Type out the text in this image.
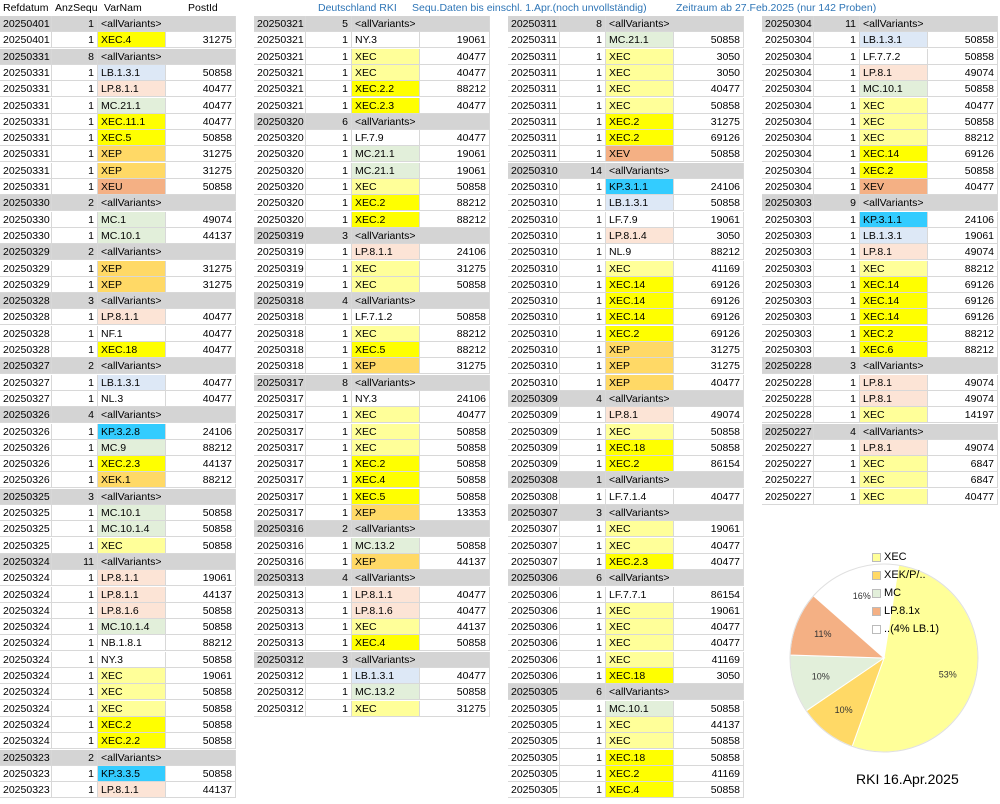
Refdatum AnzSequ VarNam	PostId	Deutschland RKI Sequ.Daten bis einschl. 1.Apr.(noch unvollständig)	Zeitraum ab 27.Feb.2025 (nur 142 Proben)
20250401	1 <allVariants>
20250401	1 XEC.4	31275
20250331	8 <allVariants>
20250331	1 LB.1.3.1	50858
20250331	1 LP.8.1.1	40477
20250331	1 MC.21.1	40477
20250331	1 XEC.11.1	40477
20250331	1 XEC.5	50858
20250331	1 XEP	31275
20250331	1 XEP	31275
20250331	1 XEU	50858
20250330	2 <allVariants>
20250330	1 MC.1	49074
20250330	1 MC.10.1	44137
20250329	2 <allVariants>
20250329	1 XEP	31275
20250329	1 XEP	31275
20250328	3 <allVariants>
20250328	1 LP.8.1.1	40477
20250328	1 NF.1	40477
20250328	1 XEC.18	40477
20250327	2 <allVariants>
20250327	1 LB.1.3.1	40477
20250327	1 NL.3	40477
20250326	4 <allVariants>
20250326	1 KP.3.2.8	24106
20250326	1 MC.9	88212
20250326	1 XEC.2.3	44137
20250326	1 XEK.1	88212
20250325	3 <allVariants>
20250325	1 MC.10.1	50858
20250325	1 MC.10.1.4	50858
20250325	1 XEC	50858
20250324	11 <allVariants>
20250324	1 LP.8.1.1	19061
20250324	1 LP.8.1.1	44137
20250324	1 LP.8.1.6	50858
20250324	1 MC.10.1.4	50858
20250324	1 NB.1.8.1	88212
20250324	1 NY.3	50858
20250324	1 XEC	19061
20250324	1 XEC	50858
20250324	1 XEC	50858
20250324	1 XEC.2	50858
20250324	1 XEC.2.2	50858
20250323	2 <allVariants>
20250323	1 KP.3.3.5	50858
20250323	1 LP.8.1.1	44137
20250321	5 <allVariants>
20250321	1 NY.3	19061
20250321	1 XEC	40477
20250321	1 XEC	40477
20250321	1 XEC.2.2	88212
20250321	1 XEC.2.3	40477
20250320	6 <allVariants>
20250320	1 LF.7.9	40477
20250320	1 MC.21.1	19061
20250320	1 MC.21.1	19061
20250320	1 XEC	50858
20250320	1 XEC.2	88212
20250320	1 XEC.2	88212
20250319	3 <allVariants>
20250319	1 LP.8.1.1	24106
20250319	1 XEC	31275
20250319	1 XEC	50858
20250318	4 <allVariants>
20250318	1 LF.7.1.2	50858
20250318	1 XEC	88212
20250318	1 XEC.5	88212
20250318	1 XEP	31275
20250317	8 <allVariants>
20250317	1 NY.3	24106
20250317	1 XEC	40477
20250317	1 XEC	50858
20250317	1 XEC	50858
20250317	1 XEC.2	50858
20250317	1 XEC.4	50858
20250317	1 XEC.5	50858
20250317	1 XEP	13353
20250316	2 <allVariants>
20250316	1 MC.13.2	50858
20250316	1 XEP	44137
20250313	4 <allVariants>
20250313	1 LP.8.1.1	40477
20250313	1 LP.8.1.6	40477
20250313	1 XEC	44137
20250313	1 XEC.4	50858
20250312	3 <allVariants>
20250312	1 LB.1.3.1	40477
20250312	1 MC.13.2	50858
20250312	1 XEC	31275
20250311	8 <allVariants>
20250311	1 MC.21.1	50858
20250311	1 XEC	3050
20250311	1 XEC	3050
20250311	1 XEC	40477
20250311	1 XEC	50858
20250311	1 XEC.2	31275
20250311	1 XEC.2	69126
20250311	1 XEV	50858
20250310	14 <allVariants>
20250310	1 KP.3.1.1	24106
20250310	1 LB.1.3.1	50858
20250310	1 LF.7.9	19061
20250310	1 LP.8.1.4	3050
20250310	1 NL.9	88212
20250310	1 XEC	41169
20250310	1 XEC.14	69126
20250310	1 XEC.14	69126
20250310	1 XEC.14	69126
20250310	1 XEC.2	69126
20250310	1 XEP	31275
20250310	1 XEP	31275
20250310	1 XEP	40477
20250309	4 <allVariants>
20250309	1 LP.8.1	49074
20250309	1 XEC	50858
20250309	1 XEC.18	50858
20250309	1 XEC.2	86154
20250308	1 <allVariants>
20250308	1 LF.7.1.4	40477
20250307	3 <allVariants>
20250307	1 XEC	19061
20250307	1 XEC	40477
20250307	1 XEC.2.3	40477
20250306	6 <allVariants>
20250306	1 LF.7.7.1	86154
20250306	1 XEC	19061
20250306	1 XEC	40477
20250306	1 XEC	40477
20250306	1 XEC	41169
20250306	1 XEC.18	3050
20250305	6 <allVariants>
20250305	1 MC.10.1	50858
20250305	1 XEC	44137
20250305	1 XEC	50858
20250305	1 XEC.18	50858
20250305	1 XEC.2	41169
20250305	1 XEC.4	50858
20250304	11 <allVariants>
20250304	1 LB.1.3.1	50858
20250304	1 LF.7.7.2	50858
20250304	1 LP.8.1	49074
20250304	1 MC.10.1	50858
20250304	1 XEC	40477
20250304	1 XEC	50858
20250304	1 XEC	88212
20250304	1 XEC.14	69126
20250304	1 XEC.2	50858
20250304	1 XEV	40477
20250303	9 <allVariants>
20250303	1 KP.3.1.1	24106
20250303	1 LB.1.3.1	19061
20250303	1 LP.8.1	49074
20250303	1 XEC	88212
20250303	1 XEC.14	69126
20250303	1 XEC.14	69126
20250303	1 XEC.14	69126
20250303	1 XEC.2	88212
20250303	1 XEC.6	88212
20250228	3 <allVariants>
20250228	1 LP.8.1	49074
20250228	1 LP.8.1	49074
20250228	1 XEC	14197
20250227	4 <allVariants>
20250227	1 LP.8.1	49074
20250227	1 XEC	6847
20250227	1 XEC	6847
20250227	1 XEC	40477
16%
53%
10%
10%
11%
XEC
XEK/P/..
MC
LP.8.1x
..(4% LB.1)
RKI 16.Apr.2025
